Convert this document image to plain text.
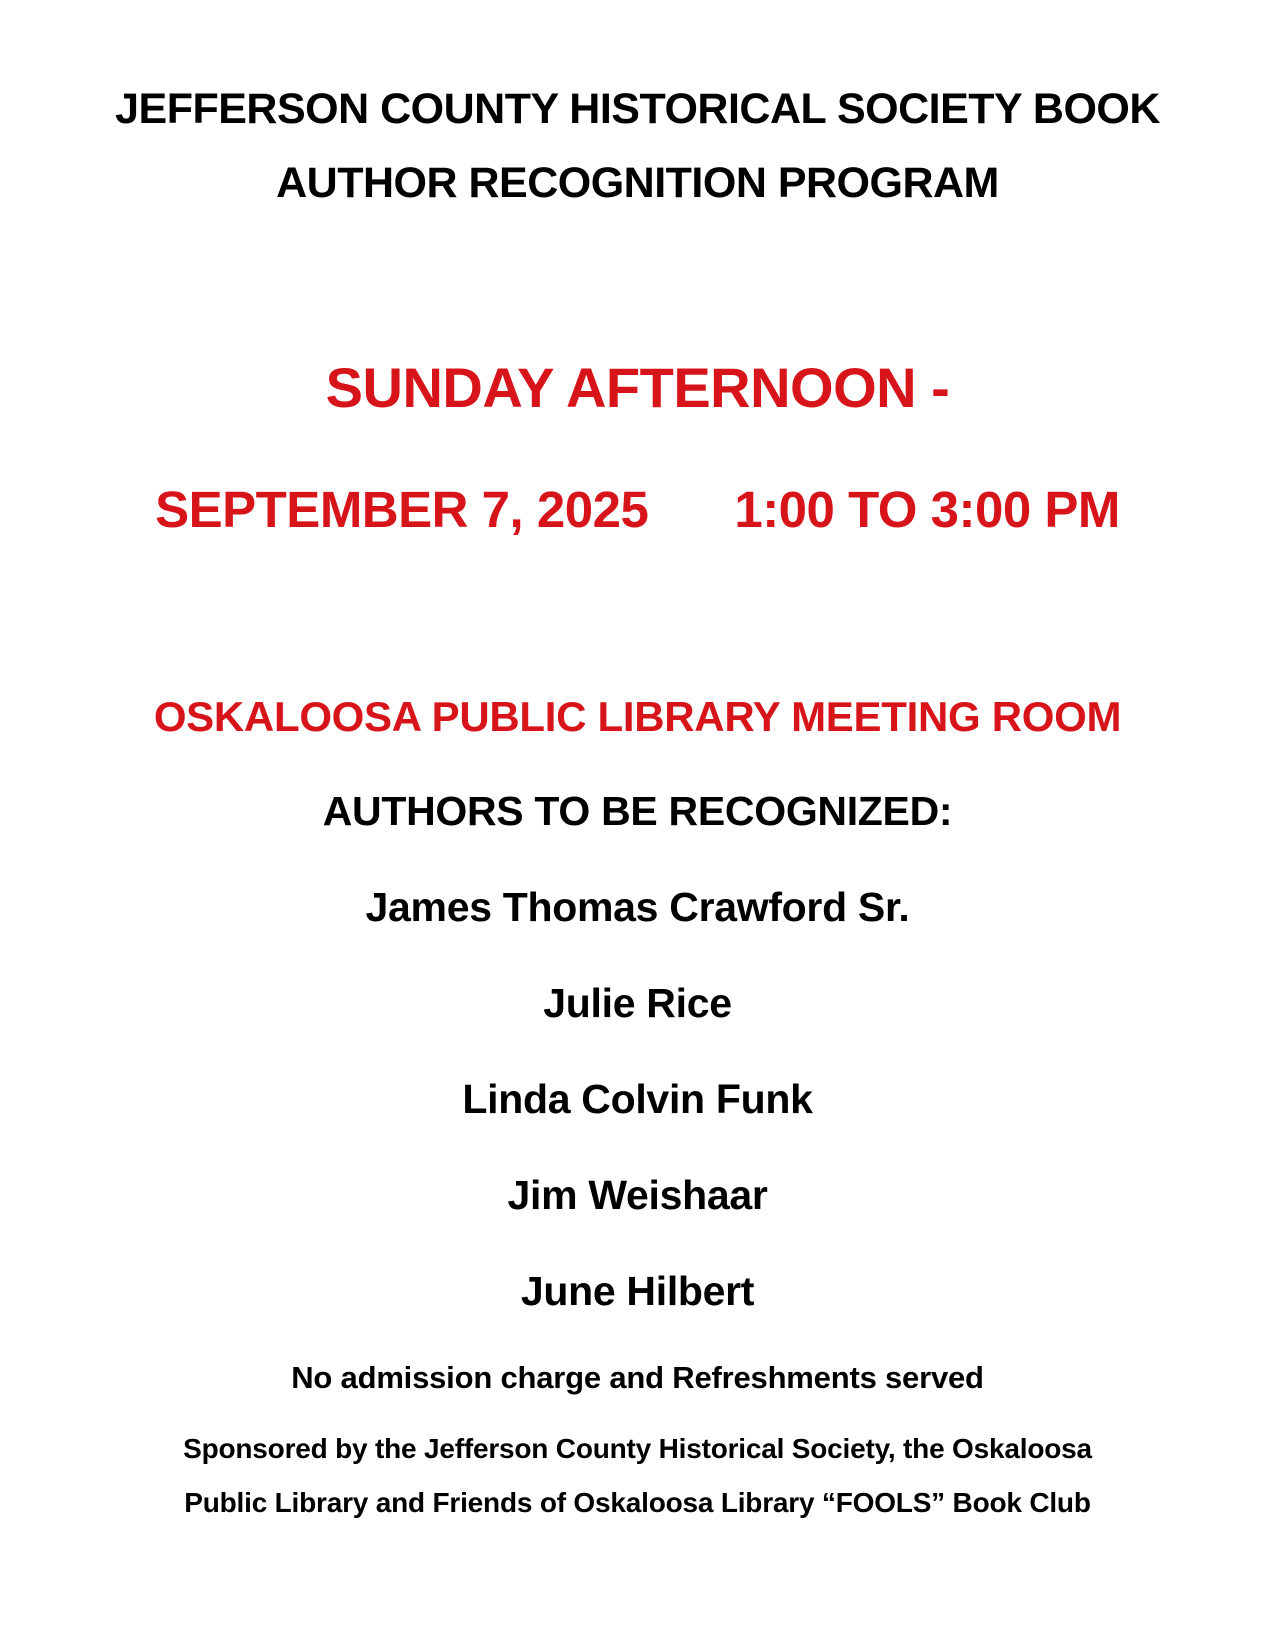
JEFFERSON COUNTY HISTORICAL SOCIETY BOOK
AUTHOR RECOGNITION PROGRAM
SUNDAY AFTERNOON -
SEPTEMBER 7, 2025 1:00 TO 3:00 PM
OSKALOOSA PUBLIC LIBRARY MEETING ROOM
AUTHORS TO BE RECOGNIZED:
James Thomas Crawford Sr.
Julie Rice
Linda Colvin Funk
Jim Weishaar
June Hilbert
No admission charge and Refreshments served
Sponsored by the Jefferson County Historical Society, the Oskaloosa
Public Library and Friends of Oskaloosa Library “FOOLS” Book Club
